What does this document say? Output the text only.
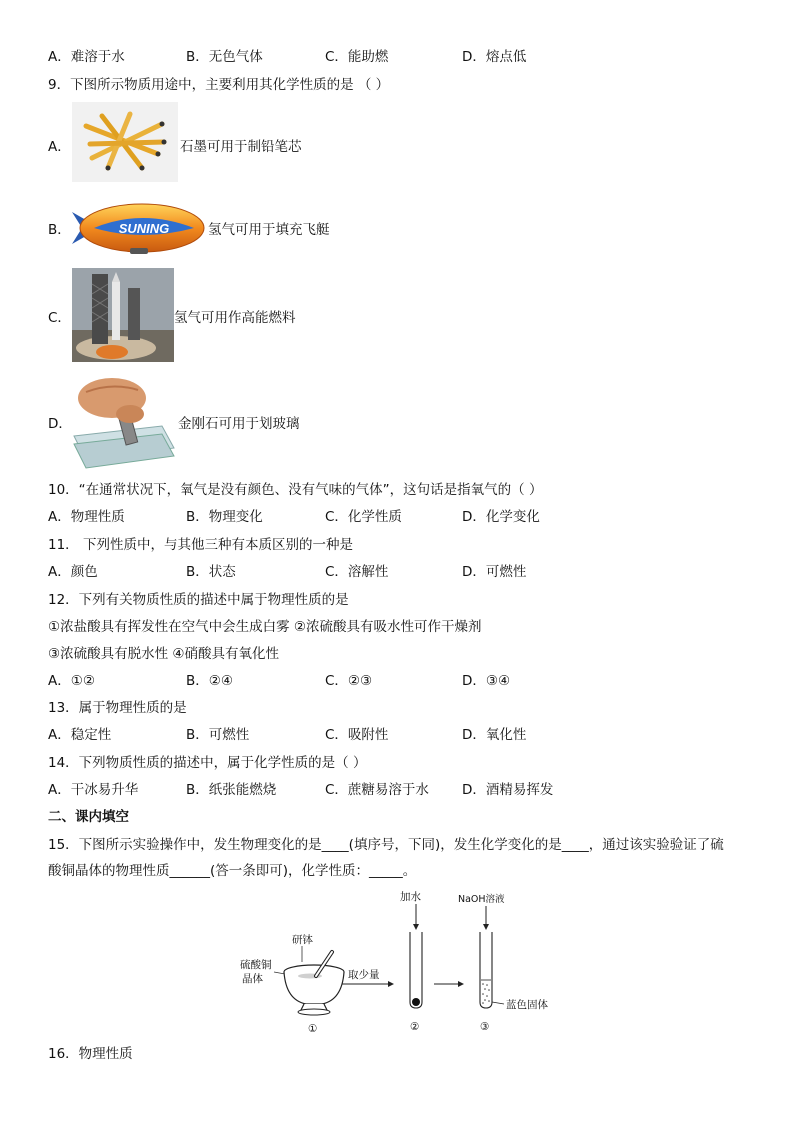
A．难溶于水	B．无色气体	C．能助燃	D．熔点低
9．下图所示物质用途中，主要利用其化学性质的是 （ ）
A．	石墨可用于制铅笔芯
B．	SUNING	氢气可用于填充飞艇
C．	氢气可用作高能燃料
D．	金刚石可用于划玻璃
10．“在通常状况下，氧气是没有颜色、没有气味的气体”，这句话是指氧气的（ ）
A．物理性质	B．物理变化	C．化学性质	D．化学变化
11． 下列性质中，与其他三种有本质区别的一种是
A．颜色	B．状态	C．溶解性	D．可燃性
12．下列有关物质性质的描述中属于物理性质的是
①浓盐酸具有挥发性在空气中会生成白雾 ②浓硫酸具有吸水性可作干燥剂
③浓硫酸具有脱水性 ④硝酸具有氧化性
A．①②	B．②④	C．②③	D．③④
13．属于物理性质的是
A．稳定性	B．可燃性	C．吸附性	D．氧化性
14．下列物质性质的描述中，属于化学性质的是（ ）
A．干冰易升华	B．纸张能燃烧	C．蔗糖易溶于水 D．酒精易挥发
二、课内填空
15．下图所示实验操作中，发生物理变化的是____(填序号，下同)，发生化学变化的是____，通过该实验验证了硫
酸铜晶体的物理性质______(答一条即可)，化学性质：_____。
研钵
硫酸铜
晶体	取少量
加水
②
NaOH溶液
蓝色固体
③
①
16．物理性质
